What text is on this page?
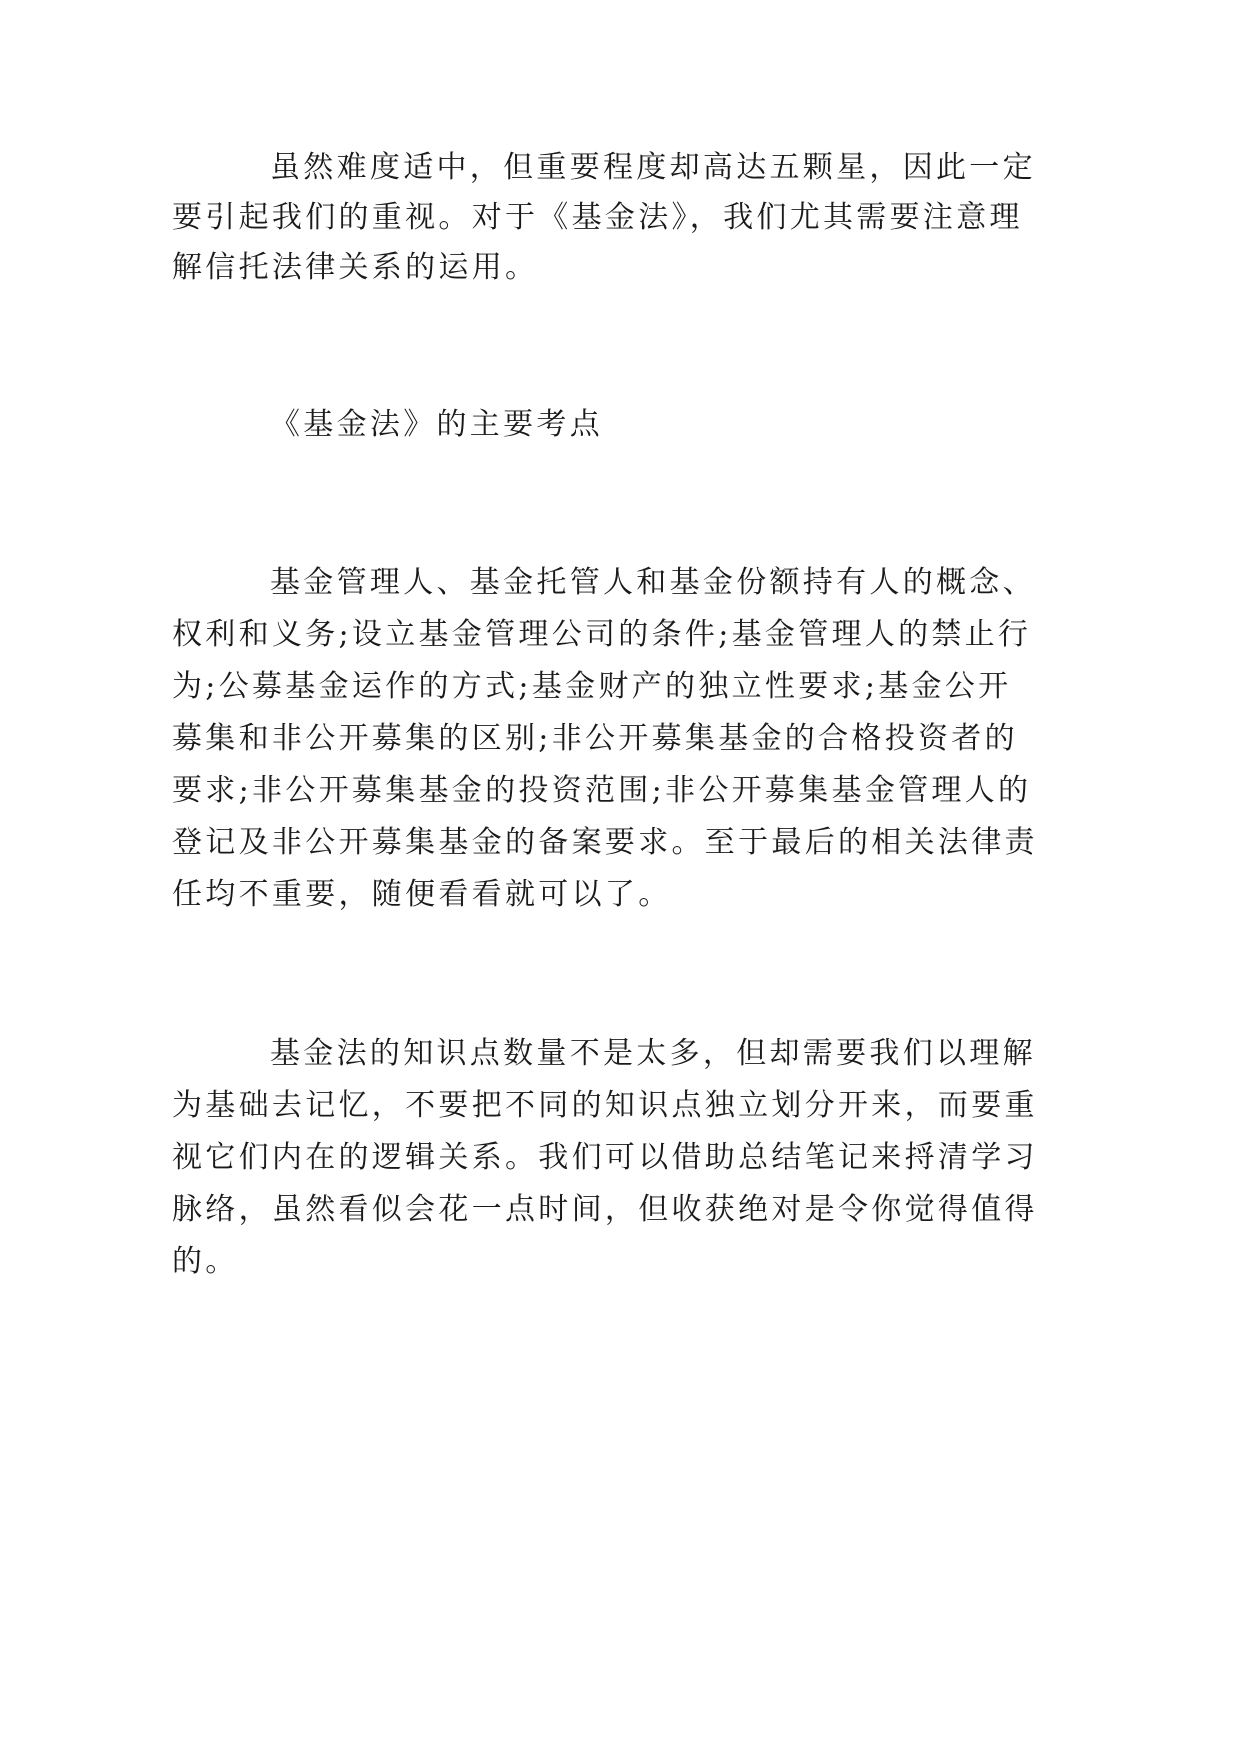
虽然难度适中，但重要程度却高达五颗星，因此一定

要引起我们的重视。对于《基金法》，我们尤其需要注意理

解信托法律关系的运用。

《基金法》的主要考点

基金管理人、基金托管人和基金份额持有人的概念、

权利和义务;设立基金管理公司的条件;基金管理人的禁止行

为;公募基金运作的方式;基金财产的独立性要求;基金公开

募集和非公开募集的区别;非公开募集基金的合格投资者的

要求;非公开募集基金的投资范围;非公开募集基金管理人的

登记及非公开募集基金的备案要求。至于最后的相关法律责

任均不重要，随便看看就可以了。

基金法的知识点数量不是太多，但却需要我们以理解

为基础去记忆，不要把不同的知识点独立划分开来，而要重

视它们内在的逻辑关系。我们可以借助总结笔记来捋清学习

脉络，虽然看似会花一点时间，但收获绝对是令你觉得值得

的。
